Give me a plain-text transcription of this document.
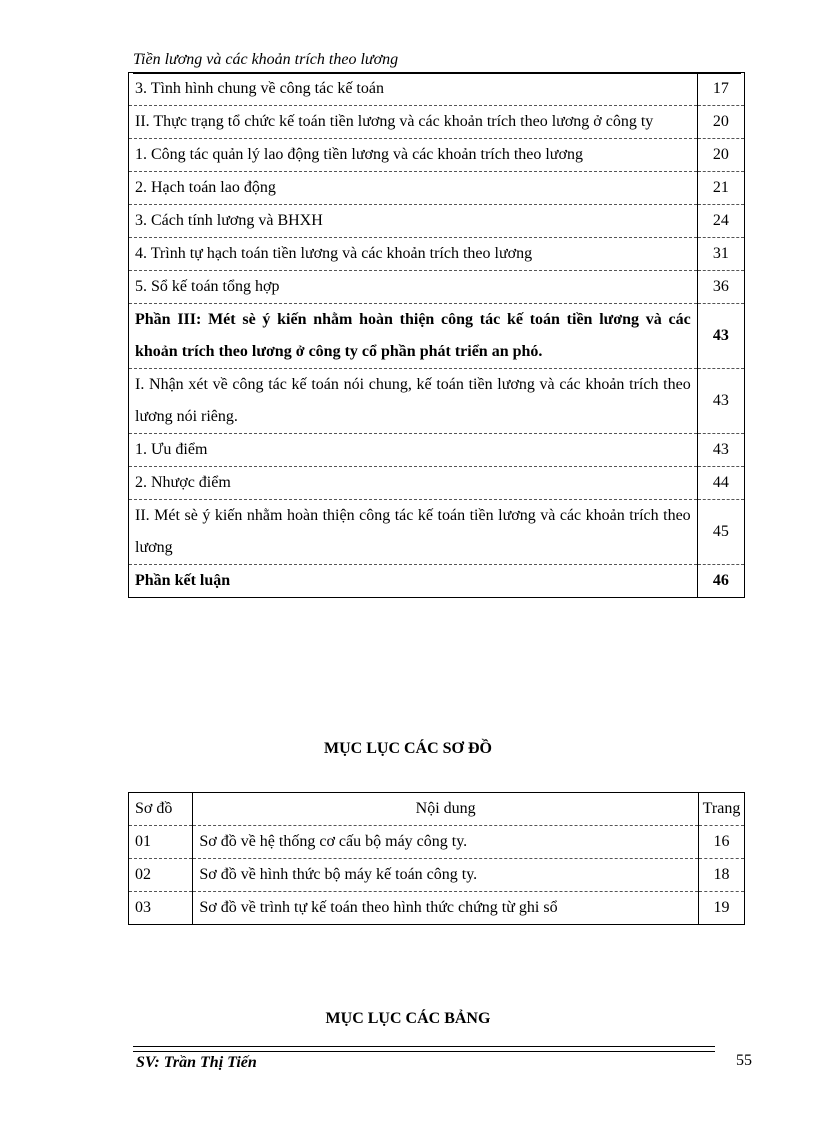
Tiền lương và các khoản trích theo lương
3. Tình hình chung về công tác kế toán	17
II. Thực trạng tổ chức kế toán tiền lương và các khoản trích theo lương ở công ty	20
1. Công tác quản lý lao động tiền lương và các khoản trích theo lương	20
2. Hạch toán lao động	21
3. Cách tính lương và BHXH	24
4. Trình tự hạch toán tiền lương và các khoản trích theo lương	31
5. Sổ kế toán tổng hợp	36
Phần III: Mét sè ý kiến nhằm hoàn thiện công tác kế toán tiền lương và các khoản trích theo lương ở công ty cổ phần phát triển an phó.	43
I. Nhận xét về công tác kế toán nói chung, kế toán tiền lương và các khoản trích theo lương nói riêng.	43
1. Ưu điểm	43
2. Nhược điểm	44
II. Mét sè ý kiến nhằm hoàn thiện công tác kế toán tiền lương và các khoản trích theo lương	45
Phần kết luận	46
MỤC LỤC CÁC SƠ ĐỒ
Sơ đồ	Nội dung	Trang
01	Sơ đồ về hệ thống cơ cấu bộ máy công ty.	16
02	Sơ đồ về hình thức bộ máy kế toán công ty.	18
03	Sơ đồ về trình tự kế toán theo hình thức chứng từ ghi sổ	19
MỤC LỤC CÁC BẢNG
SV: Trần Thị Tiến	55
